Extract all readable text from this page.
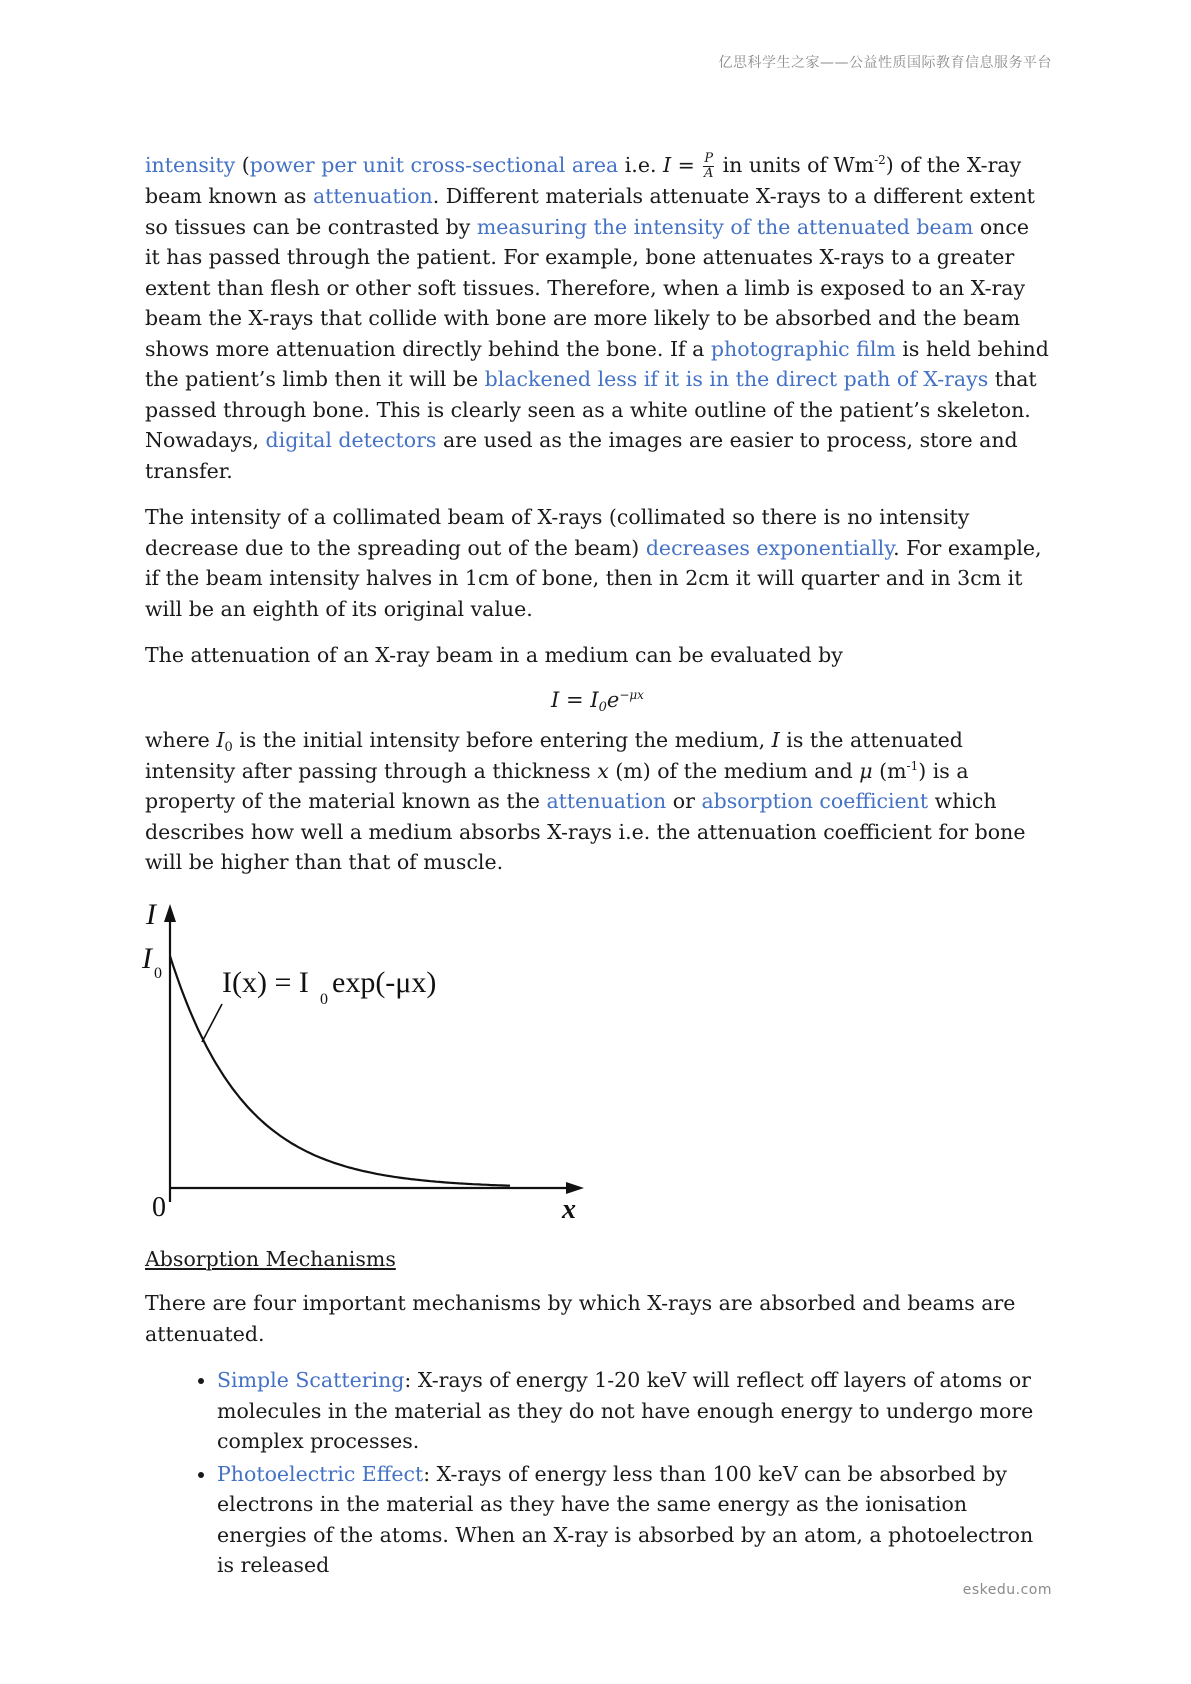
亿思科学生之家——公益性质国际教育信息服务平台

intensity (power per unit cross-sectional area i.e. $I = \frac{P}{A}$ in units of $Wm^{-2}$) of the X-ray beam known as attenuation. Different materials attenuate X-rays to a different extent so tissues can be contrasted by measuring the intensity of the attenuated beam once it has passed through the patient. For example, bone attenuates X-rays to a greater extent than flesh or other soft tissues. Therefore, when a limb is exposed to an X-ray beam the X-rays that collide with bone are more likely to be absorbed and the beam shows more attenuation directly behind the bone. If a photographic film is held behind the patient’s limb then it will be blackened less if it is in the direct path of X-rays that passed through bone. This is clearly seen as a white outline of the patient’s skeleton. Nowadays, digital detectors are used as the images are easier to process, store and transfer.

The intensity of a collimated beam of X-rays (collimated so there is no intensity decrease due to the spreading out of the beam) decreases exponentially. For example, if the beam intensity halves in 1cm of bone, then in 2cm it will quarter and in 3cm it will be an eighth of its original value.

The attenuation of an X-ray beam in a medium can be evaluated by

$I = I_0e^{-\mu x}$

where $I_0$ is the initial intensity before entering the medium, I is the attenuated intensity after passing through a thickness x (m) of the medium and μ $(m^{-1})$ is a property of the material known as the attenuation or absorption coefficient which describes how well a medium absorbs X-rays i.e. the attenuation coefficient for bone will be higher than that of muscle.

I
I 0
0	x
I(x) = I
0
exp(-μx)
Absorption Mechanisms

There are four important mechanisms by which X-rays are absorbed and beams are attenuated.

• Simple Scattering: X-rays of energy 1-20 keV will reflect off layers of atoms or molecules in the material as they do not have enough energy to undergo more complex processes.
• Photoelectric Effect: X-rays of energy less than 100 keV can be absorbed by electrons in the material as they have the same energy as the ionisation energies of the atoms. When an X-ray is absorbed by an atom, a photoelectron is released
eskedu.com
